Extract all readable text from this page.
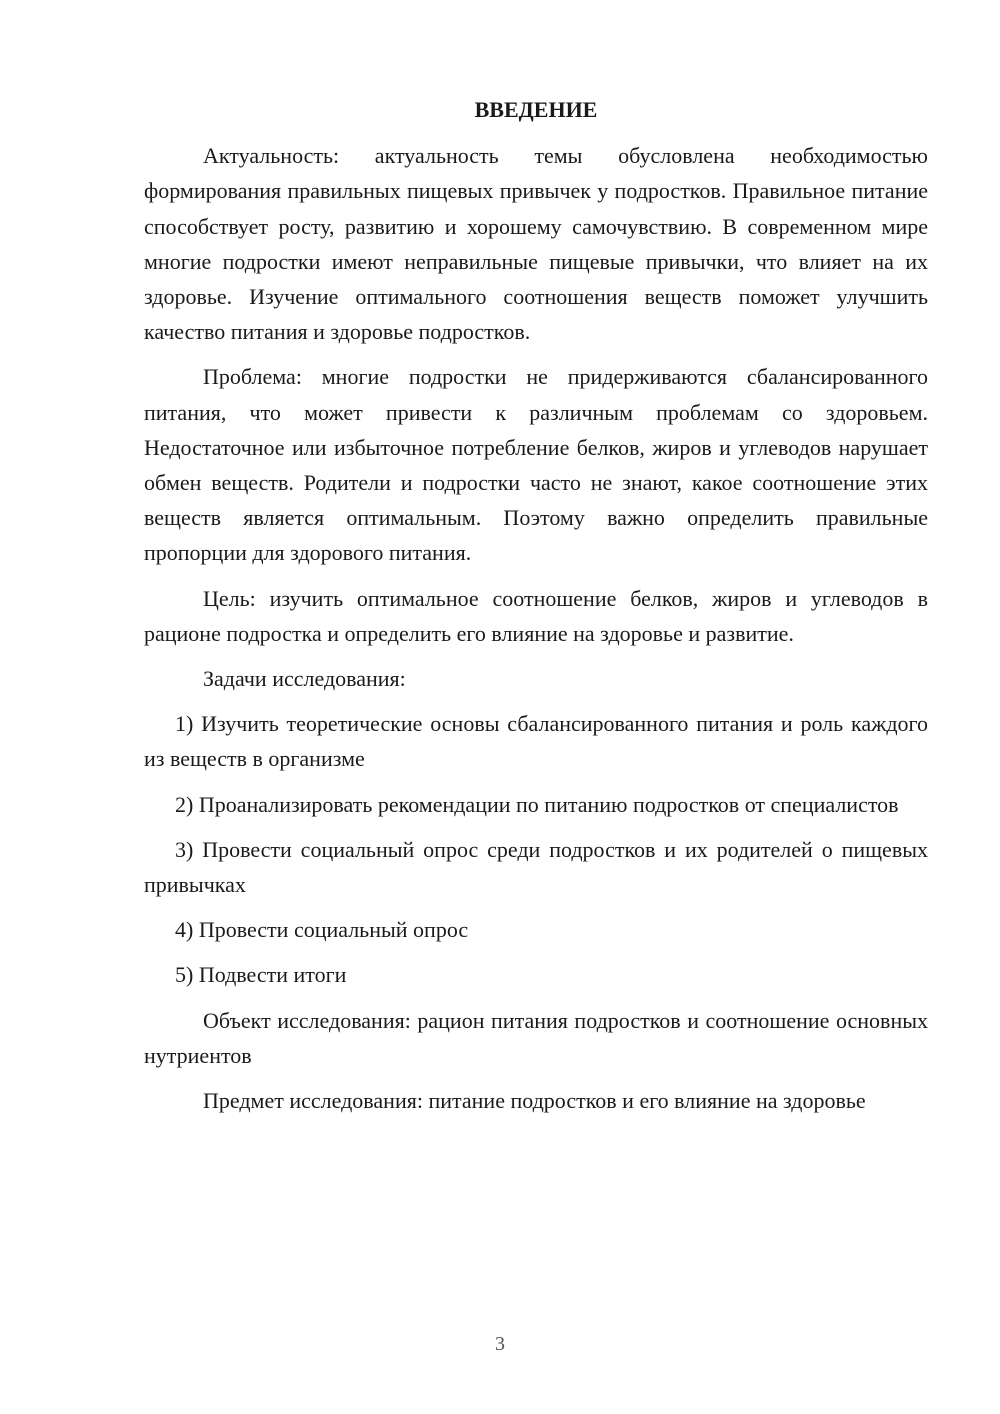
ВВЕДЕНИЕ

Актуальность: актуальность темы обусловлена необходимостью формирования правильных пищевых привычек у подростков. Правильное питание способствует росту, развитию и хорошему самочувствию. В современном мире многие подростки имеют неправильные пищевые привычки, что влияет на их здоровье. Изучение оптимального соотношения веществ поможет улучшить качество питания и здоровье подростков.

Проблема: многие подростки не придерживаются сбалансированного питания, что может привести к различным проблемам со здоровьем. Недостаточное или избыточное потребление белков, жиров и углеводов нарушает обмен веществ. Родители и подростки часто не знают, какое соотношение этих веществ является оптимальным. Поэтому важно определить правильные пропорции для здорового питания.

Цель: изучить оптимальное соотношение белков, жиров и углеводов в рационе подростка и определить его влияние на здоровье и развитие.

Задачи исследования:

1) Изучить теоретические основы сбалансированного питания и роль каждого из веществ в организме

2) Проанализировать рекомендации по питанию подростков от специалистов

3) Провести социальный опрос среди подростков и их родителей о пищевых привычках

4) Провести социальный опрос

5) Подвести итоги

Объект исследования: рацион питания подростков и соотношение основных нутриентов

Предмет исследования: питание подростков и его влияние на здоровье

3
